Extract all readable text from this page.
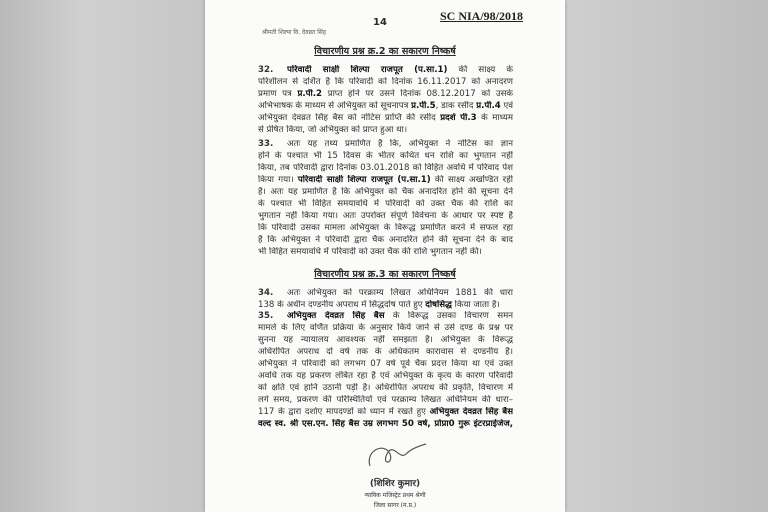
SC NIA/98/2018
14
श्रीमती शिल्पा वि. देवव्रत सिंह
विचारणीय प्रश्न क्र.2 का सकारण निष्कर्ष
विचारणीय प्रश्न क्र.3 का सकारण निष्कर्ष
32.
33.
34.
35.
(शिशिर कुमार)
न्यायिक मजिस्ट्रेट प्रथम श्रेणी
जिला सागर (म.प्र.)
परिवादी साक्षी शिल्पा राजपूत (प.सा.1) की साक्ष्य के
परिशीलन से दर्शित है कि परिवादी को दिनांक 16.11.2017 को अनादरण
प्रमाण पत्र प्र.पी.2 प्राप्त होने पर उसने दिनांक 08.12.2017 को उसके
अभिभाषक के माध्यम से अभियुक्त को सूचनापत्र प्र.पी.5, डाक रसीद प्र.पी.4 एवं
अभियुक्त देवव्रत सिंह बैस को नोटिस प्राप्ति की रसीद प्रदर्श पी.3 के माध्यम
से प्रेषित किया, जो अभियुक्त को प्राप्त हुआ था।
अतः यह तथ्य प्रमाणित है कि, अभियुक्त ने नोटिस का ज्ञान
होने के पश्चात भी 15 दिवस के भीतर कथित धन राशि का भुगतान नहीं
किया, तब परिवादी द्वारा दिनांक 03.01.2018 को विहित अवधि में परिवाद पेश
किया गया। परिवादी साक्षी शिल्पा राजपूत (प.सा.1) की साक्ष्य अखण्डित रही
है। अतः यह प्रमाणित है कि अभियुक्त को चैक अनादरित होने की सूचना देने
के पश्चात भी विहित समयावधि में परिवादी को उक्त चैक की राशि का
भुगतान नहीं किया गया। अतः उपरोक्त संपूर्ण विवेचना के आधार पर स्पष्ट है
कि परिवादी उसका मामला अभियुक्त के विरूद्ध प्रमाणित करने में सफल रहा
है कि अभियुक्त ने परिवादी द्वारा चैक अनादरित होने की सूचना देने के बाद
भी विहित समयावधि में परिवादी को उक्त चैक की राशि भुगतान नहीं की।
अतः अभियुक्त को परक्राम्य लिखत अधिनियम 1881 की धारा
138 के अधीन दण्डनीय अपराध में सिद्धदोष पाते हुए दोषसिद्ध किया जाता है।
अभियुक्त देवव्रत सिंह बैस के विरूद्ध उसका विचारण समन
मामले के लिए वर्णित प्रक्रिया के अनुसार किये जाने से उसे दण्ड के प्रश्न पर
सुनना यह न्यायालय आवश्यक नहीं समझता है। अभियुक्त के विरूद्ध
अधिरोपित अपराध दो वर्ष तक के अधिकतम कारावास से दण्डनीय है।
अभियुक्त ने परिवादी को लगभग 07 वर्ष पूर्व चैक प्रदत्त किया था एवं उक्त
अवधि तक यह प्रकरण लंबित रहा है एवं अभियुक्त के कृत्य के कारण परिवादी
को क्षति एवं हानि उठानी पड़ी है। अधिरोपित अपराध की प्रकृति, विचारण में
लगे समय, प्रकरण की परिस्थितियों एवं परक्राम्य लिखत अधिनियम की धारा–
117 के द्वारा दर्शाए मापदण्डों को ध्यान में रखते हुए अभियुक्त देवव्रत सिंह बैस
वल्द स्व. श्री एस.एन. सिंह बैस उम्र लगभग 50 वर्ष, प्रोप्रा0 गुरू इंटरप्राईजेज,
